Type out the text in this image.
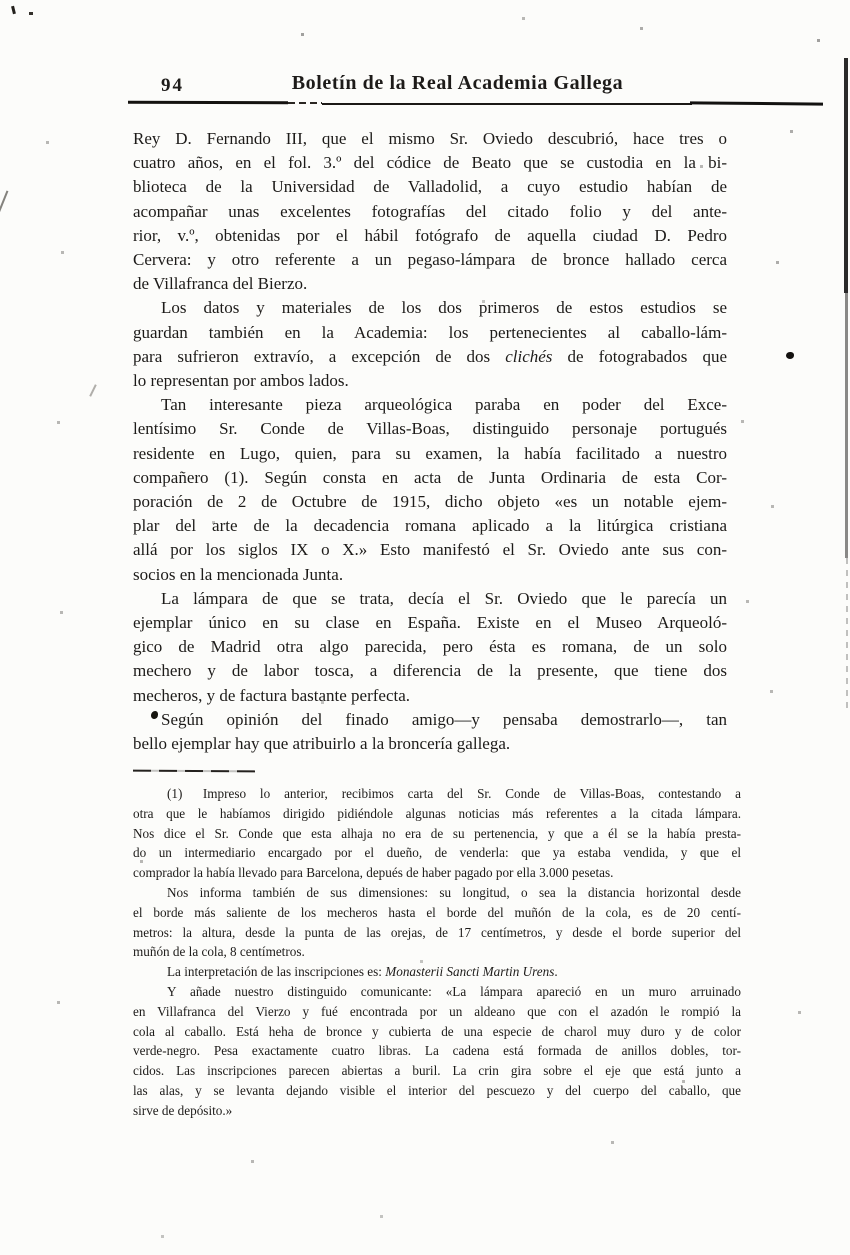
94	Boletín de la Real Academia Gallega
Rey D. Fernando III, que el mismo Sr. Oviedo descubrió, hace tres o
cuatro años, en el fol. 3.º del códice de Beato que se custodia en la bi-
blioteca de la Universidad de Valladolid, a cuyo estudio habían de
acompañar unas excelentes fotografías del citado folio y del ante-
rior, v.º, obtenidas por el hábil fotógrafo de aquella ciudad D. Pedro
Cervera: y otro referente a un pegaso-lámpara de bronce hallado cerca
de Villafranca del Bierzo.
Los datos y materiales de los dos primeros de estos estudios se
guardan también en la Academia: los pertenecientes al caballo-lám-
para sufrieron extravío, a excepción de dos clichés de fotograbados que
lo representan por ambos lados.
Tan interesante pieza arqueológica paraba en poder del Exce-
lentísimo Sr. Conde de Villas-Boas, distinguido personaje portugués
residente en Lugo, quien, para su examen, la había facilitado a nuestro
compañero (1). Según consta en acta de Junta Ordinaria de esta Cor-
poración de 2 de Octubre de 1915, dicho objeto «es un notable ejem-
plar del arte de la decadencia romana aplicado a la litúrgica cristiana
allá por los siglos IX o X.» Esto manifestó el Sr. Oviedo ante sus con-
socios en la mencionada Junta.
La lámpara de que se trata, decía el Sr. Oviedo que le parecía un
ejemplar único en su clase en España. Existe en el Museo Arqueoló-
gico de Madrid otra algo parecida, pero ésta es romana, de un solo
mechero y de labor tosca, a diferencia de la presente, que tiene dos
mecheros, y de factura bastante perfecta.
Según opinión del finado amigo—y pensaba demostrarlo—, tan
bello ejemplar hay que atribuirlo a la broncería gallega.
(1)  Impreso lo anterior, recibimos carta del Sr. Conde de Villas-Boas, contestando a
otra que le habíamos dirigido pidiéndole algunas noticias más referentes a la citada lámpara.
Nos dice el Sr. Conde que esta alhaja no era de su pertenencia, y que a él se la había presta-
do un intermediario encargado por el dueño, de venderla: que ya estaba vendida, y que el
comprador la había llevado para Barcelona, depués de haber pagado por ella 3.000 pesetas.
Nos informa también de sus dimensiones: su longitud, o sea la distancia horizontal desde
el borde más saliente de los mecheros hasta el borde del muñón de la cola, es de 20 centí-
metros: la altura, desde la punta de las orejas, de 17 centímetros, y desde el borde superior del
muñón de la cola, 8 centímetros.
La interpretación de las inscripciones es: Monasterii Sancti Martin Urens.
Y añade nuestro distinguido comunicante: «La lámpara apareció en un muro arruinado
en Villafranca del Vierzo y fué encontrada por un aldeano que con el azadón le rompió la
cola al caballo. Está heha de bronce y cubierta de una especie de charol muy duro y de color
verde-negro. Pesa exactamente cuatro libras. La cadena está formada de anillos dobles, tor-
cidos. Las inscripciones parecen abiertas a buril. La crin gira sobre el eje que está junto a
las alas, y se levanta dejando visible el interior del pescuezo y del cuerpo del caballo, que
sirve de depósito.»
